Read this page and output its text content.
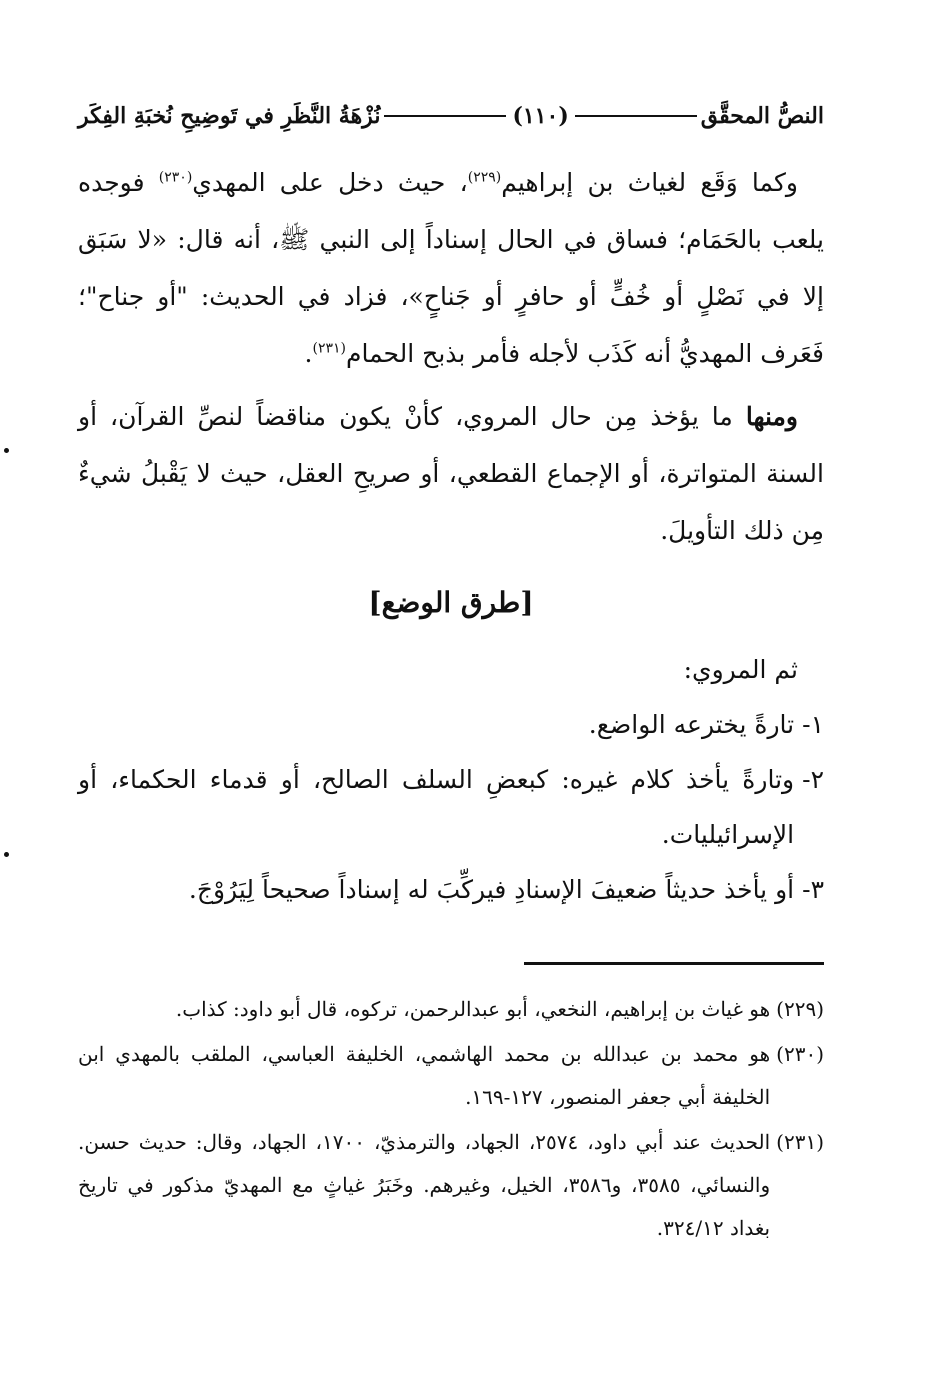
النصُّ المحقَّق
(١١٠)
نُزْهَةُ النَّظَرِ في تَوضِيحِ نُخبَةِ الفِكَر

وكما وَقَع لغياث بن إبراهيم$^{(٢٢٩)}$، حيث دخل على المهدي$^{(٢٣٠)}$ فوجده يلعب بالحَمَام؛ فساق في الحال إسناداً إلى النبي ﷺ، أنه قال: «لا سَبَق إلا في نَصْلٍ أو خُفٍّ أو حافرٍ أو جَناحٍ»، فزاد في الحديث: "أو جناح"؛ فَعَرف المهديُّ أنه كَذَب لأجله فأمر بذبح الحمام$^{(٢٣١)}$.

ومنها ما يؤخذ مِن حال المروي، كأنْ يكون مناقضاً لنصِّ القرآن، أو السنة المتواترة، أو الإجماع القطعي، أو صريحِ العقل، حيث لا يَقْبلُ شيءٌ مِن ذلك التأويلَ.

[طرق الوضع]

ثم المروي:

١-
تارةً يخترعه الواضع.
٢-
وتارةً يأخذ كلام غيره: كبعضِ السلف الصالح، أو قدماء الحكماء، أو الإسرائيليات.
٣-
أو يأخذ حديثاً ضعيفَ الإسنادِ فيركِّبَ له إسناداً صحيحاً لِيَرُوْجَ.
(٢٢٩)
هو غياث بن إبراهيم، النخعي، أبو عبدالرحمن، تركوه، قال أبو داود: كذاب.
(٢٣٠)
هو محمد بن عبدالله بن محمد الهاشمي، الخليفة العباسي، الملقب بالمهدي ابن الخليفة أبي جعفر المنصور، ١٢٧-١٦٩.
(٢٣١)
الحديث عند أبي داود، ٢٥٧٤، الجهاد، والترمذيّ، ١٧٠٠، الجهاد، وقال: حديث حسن. والنسائي، ٣٥٨٥، و٣٥٨٦، الخيل، وغيرهم. وخَبَرُ غياثٍ مع المهديّ مذكور في تاريخ بغداد ٣٢٤/١٢.
